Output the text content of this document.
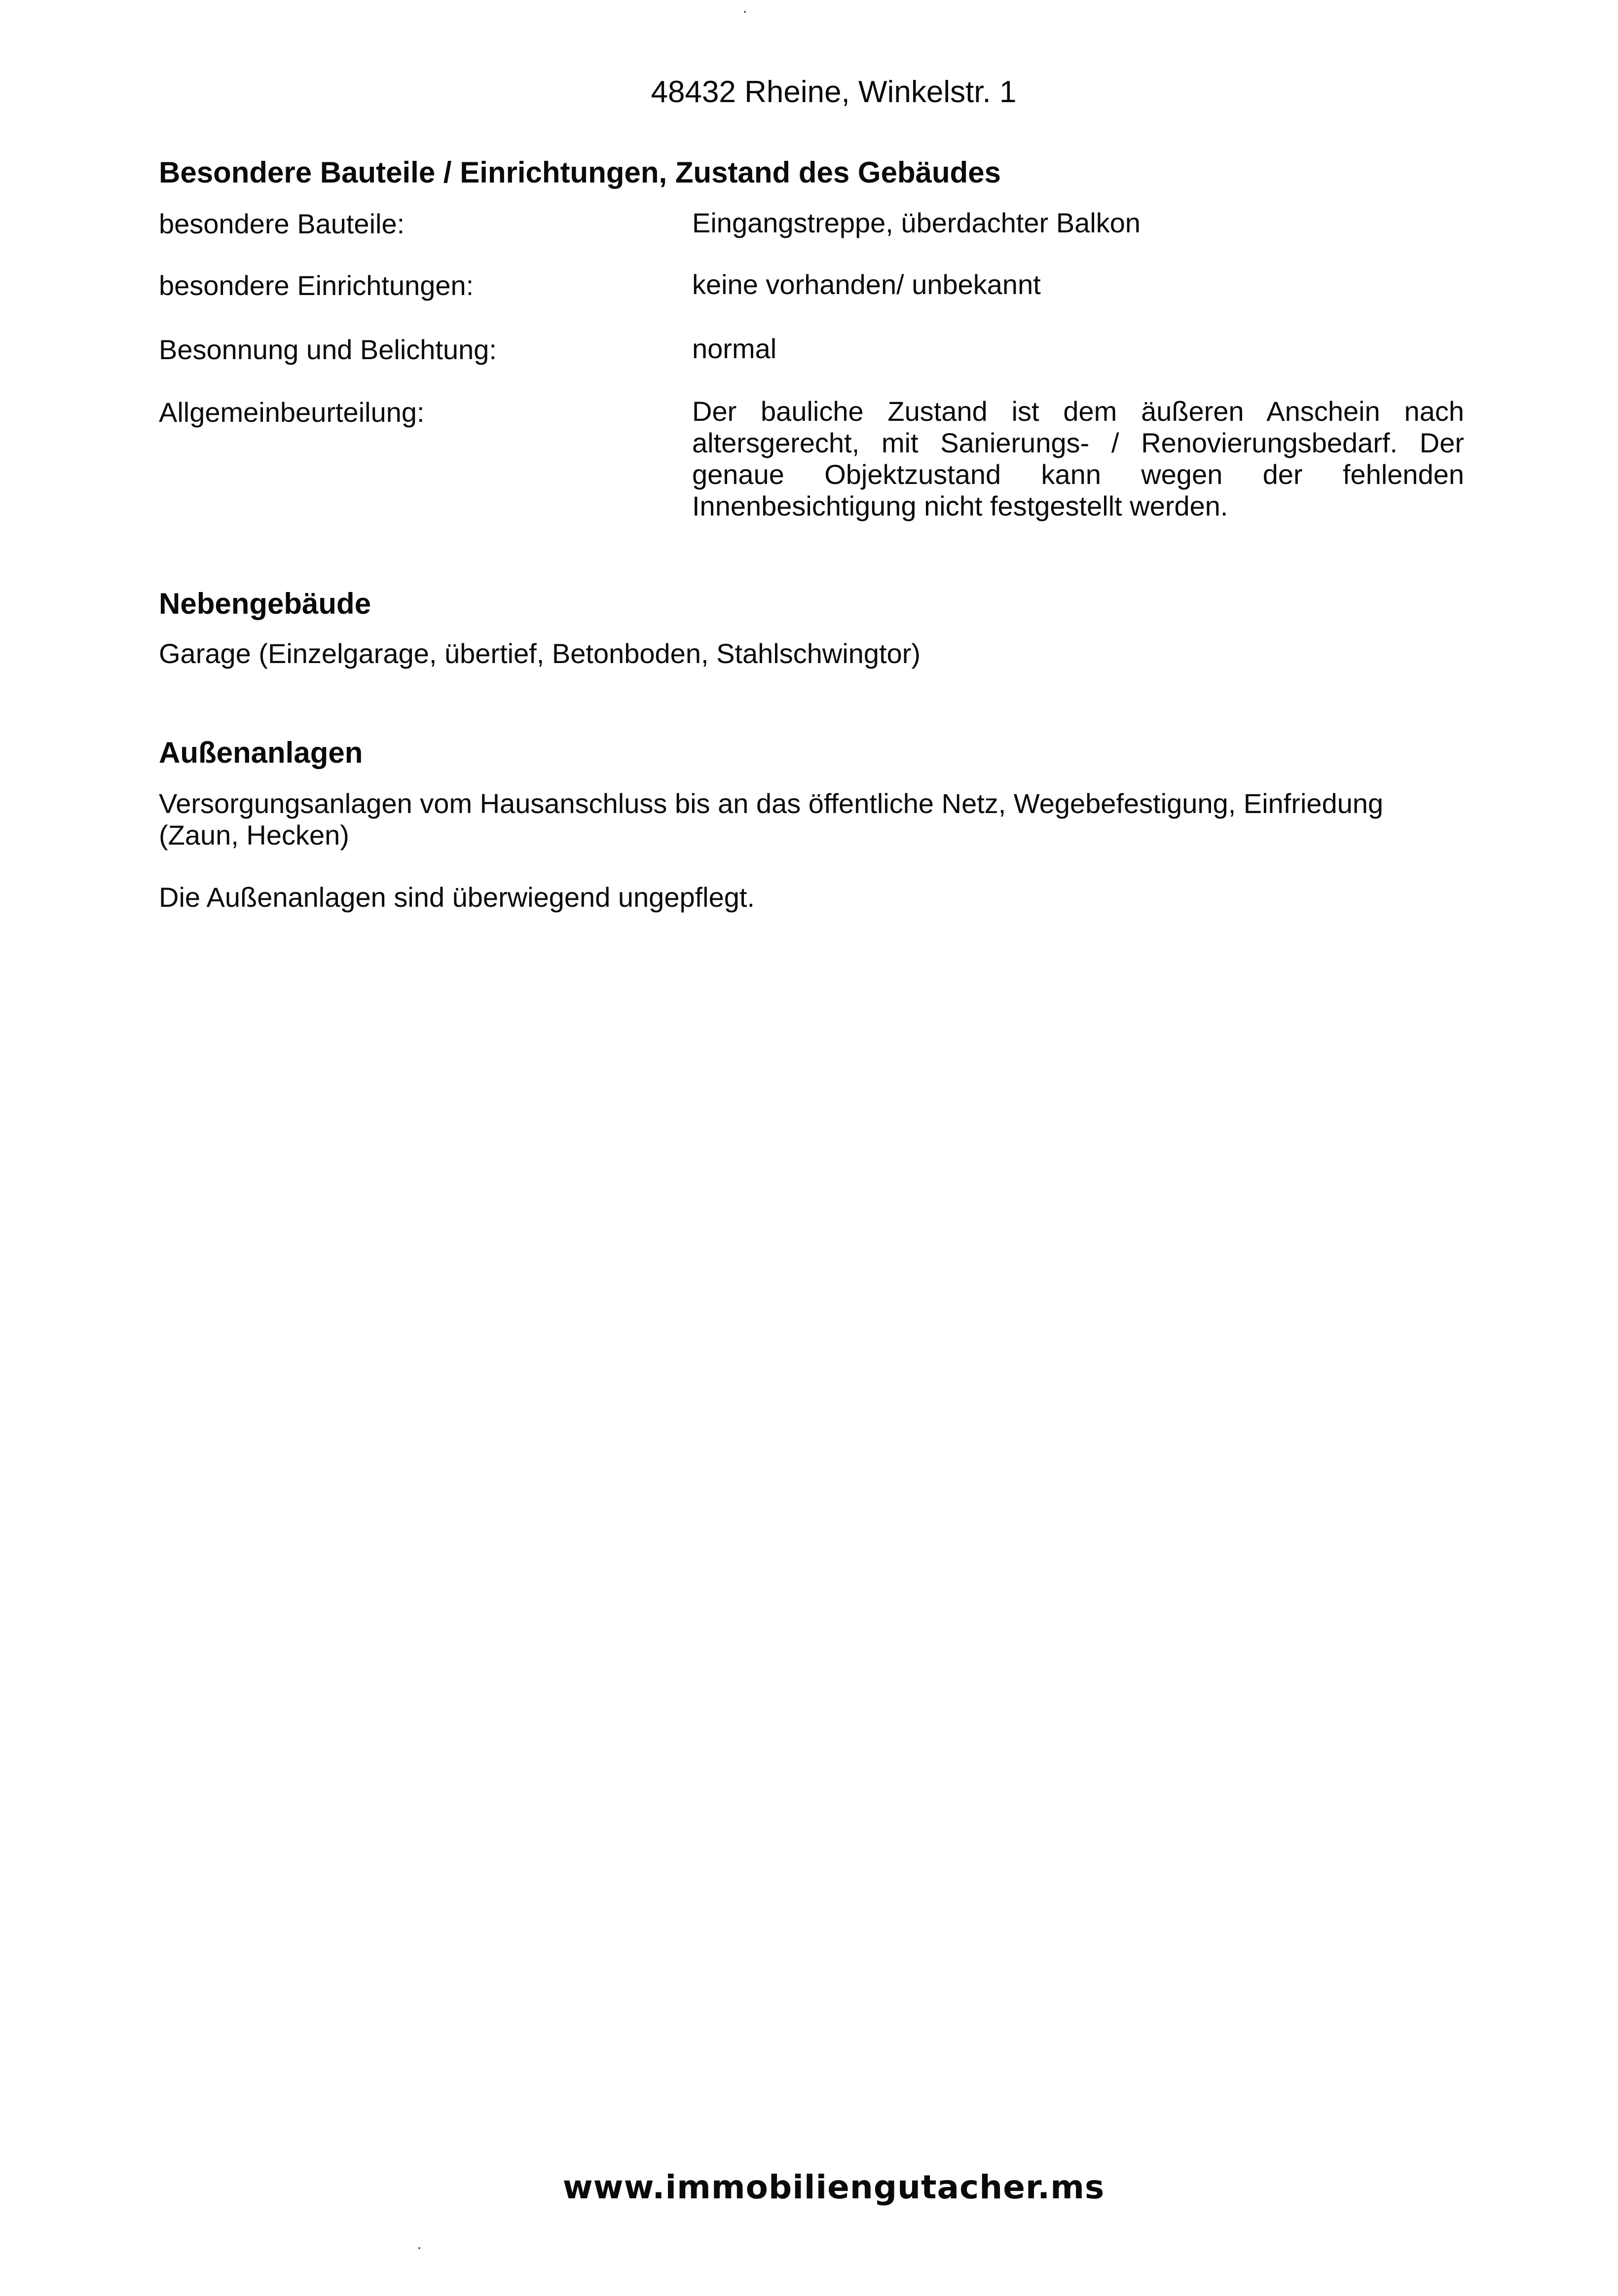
48432 Rheine, Winkelstr. 1
Besondere Bauteile / Einrichtungen, Zustand des Gebäudes
besondere Bauteile:	Eingangstreppe, überdachter Balkon
besondere Einrichtungen:	keine vorhanden/ unbekannt
Besonnung und Belichtung:	normal
Allgemeinbeurteilung:	Der bauliche Zustand ist dem äußeren Anschein nach altersgerecht, mit Sanierungs- / Renovierungsbedarf. Der genaue Objektzustand kann wegen der fehlenden Innenbesichtigung nicht festgestellt werden.
Nebengebäude
Garage (Einzelgarage, übertief, Betonboden, Stahlschwingtor)
Außenanlagen
Versorgungsanlagen vom Hausanschluss bis an das öffentliche Netz, Wegebefestigung, Einfriedung (Zaun, Hecken)
Die Außenanlagen sind überwiegend ungepflegt.
www.immobiliengutacher.ms
